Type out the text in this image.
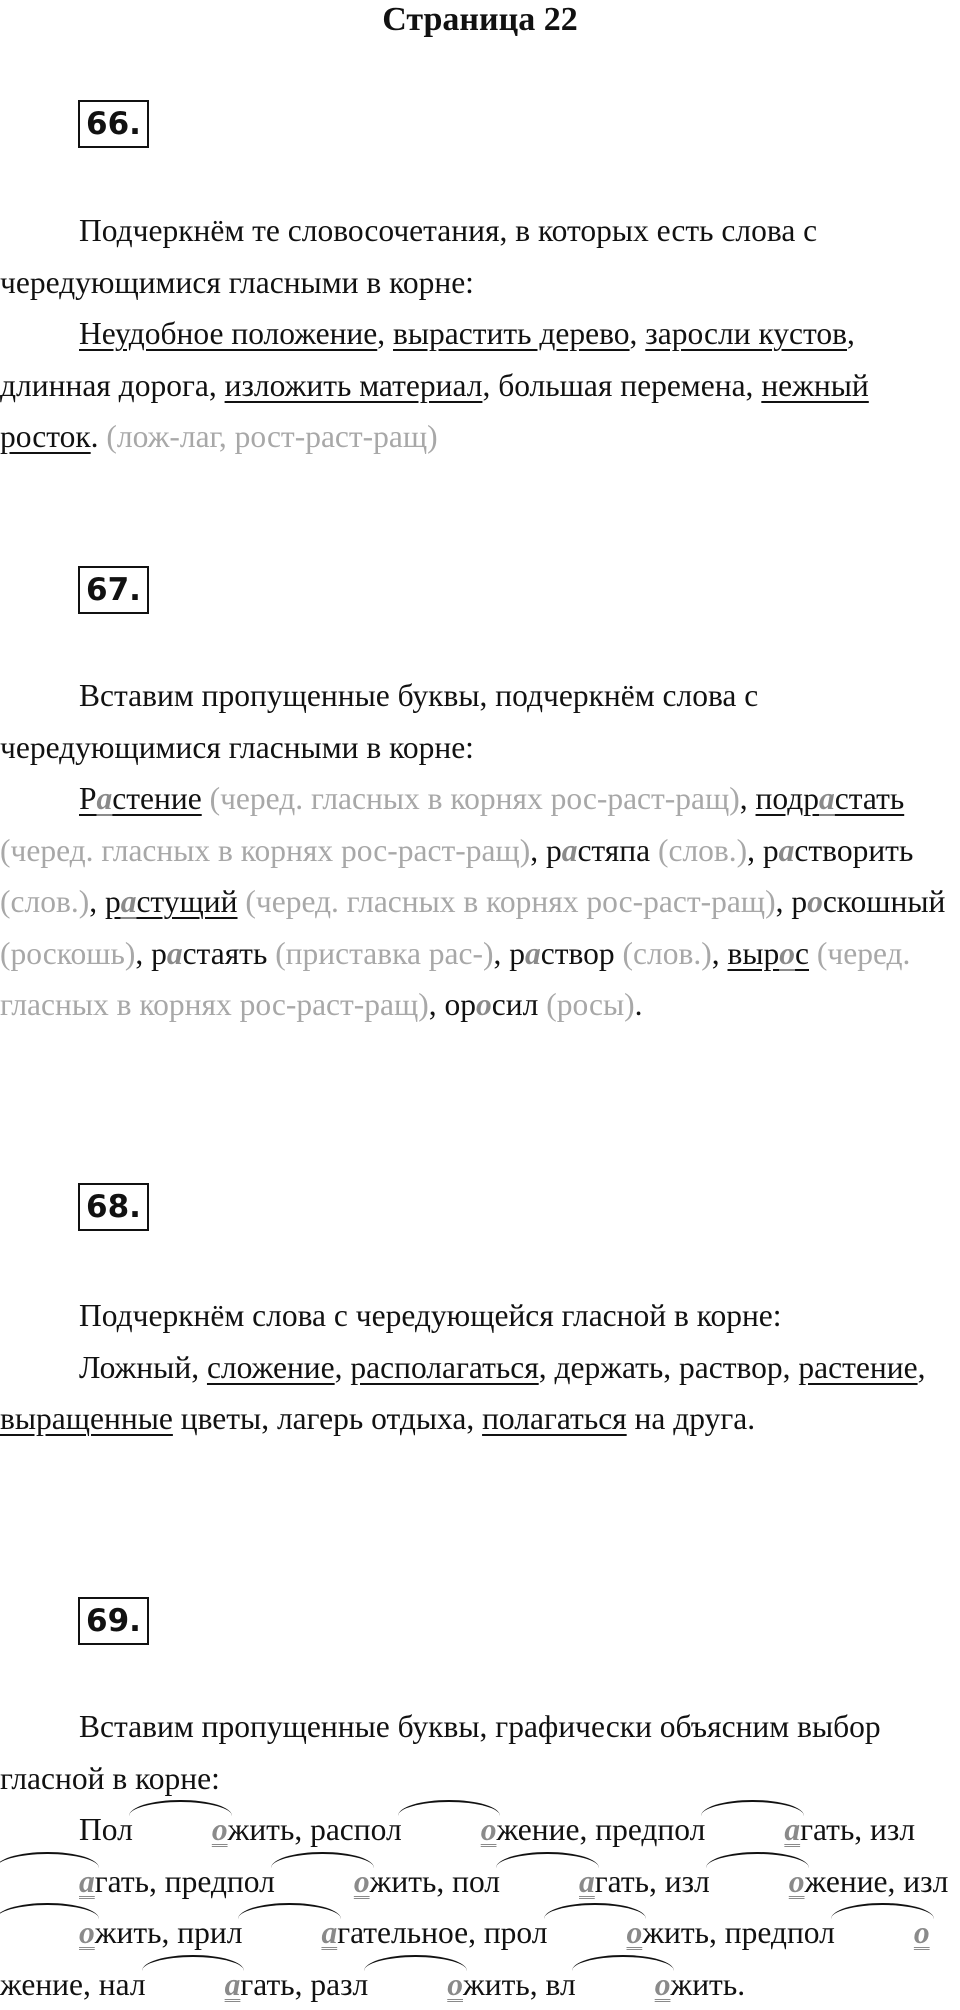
Страница 22
66.

Подчеркнём те словосочетания, в которых есть слова с чередующимися гласными в корне:

Неудобное положение, вырастить дерево, заросли кустов, длинная дорога, изложить материал, большая перемена, нежный росток. (лож-лаг, рост-раст-ращ)

67.

Вставим пропущенные буквы, подчеркнём слова с чередующимися гласными в корне:

Растение (черед. гласных в корнях рос-раст-ращ), подрастать (черед. гласных в корнях рос-раст-ращ), растяпа (слов.), растворить (слов.), растущий (черед. гласных в корнях рос-раст-ращ), роскошный (роскошь), растаять (приставка рас-), раствор (слов.), вырос (черед. гласных в корнях рос-раст-ращ), оросил (росы).

68.

Подчеркнём слова с чередующейся гласной в корне:

Ложный, сложение, располагаться, держать, раствор, растение, выращенные цветы, лагерь отдыха, полагаться на друга.

69.

Вставим пропущенные буквы, графически объясним выбор гласной в корне:

Пол	ожить, распол	ожение, предпол	агать, излагать, предпол	ожить, пол	агать, изл	ожение, изложить, прил	агательное, прол	ожить, предпол	ожение, нал	агать, разл	ожить, вл	ожить.
